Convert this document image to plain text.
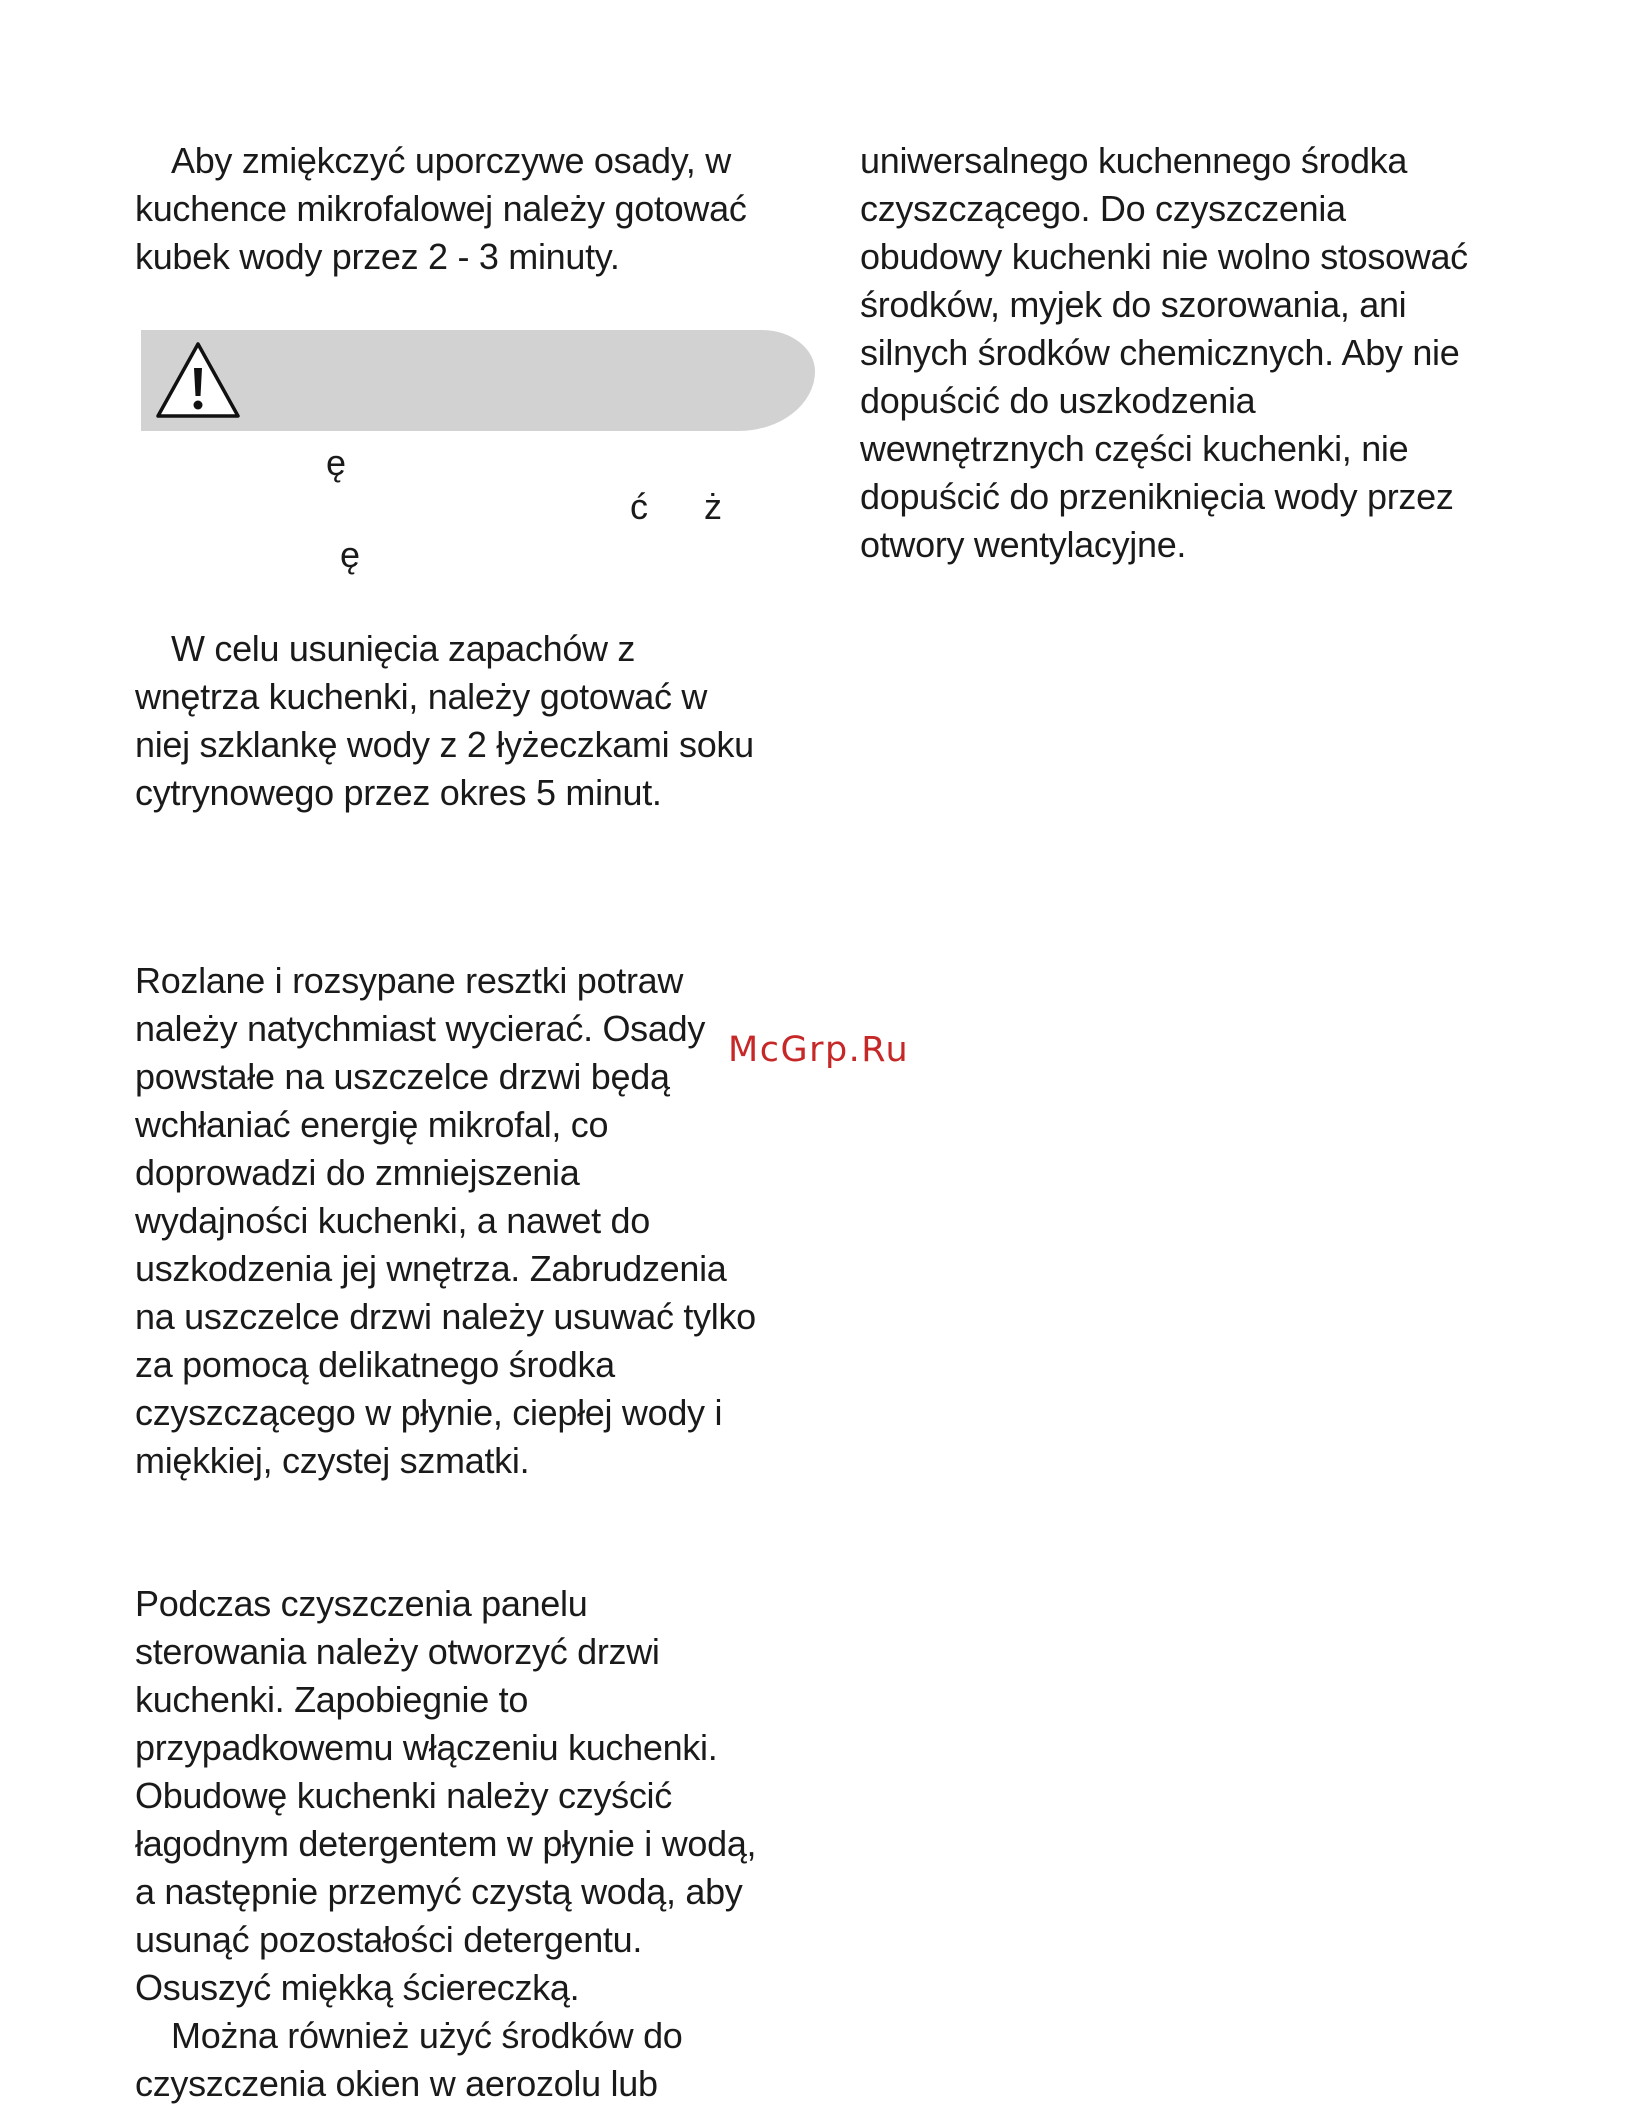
Aby zmiękczyć uporczywe osady, w
kuchence mikrofalowej należy gotować
kubek wody przez 2 - 3 minuty.

ę
ć ż
ę

W celu usunięcia zapachów z
wnętrza kuchenki, należy gotować w
niej szklankę wody z 2 łyżeczkami soku
cytrynowego przez okres 5 minut.

Rozlane i rozsypane resztki potraw
należy natychmiast wycierać. Osady
powstałe na uszczelce drzwi będą
wchłaniać energię mikrofal, co
doprowadzi do zmniejszenia
wydajności kuchenki, a nawet do
uszkodzenia jej wnętrza. Zabrudzenia
na uszczelce drzwi należy usuwać tylko
za pomocą delikatnego środka
czyszczącego w płynie, ciepłej wody i
miękkiej, czystej szmatki.

Podczas czyszczenia panelu
sterowania należy otworzyć drzwi
kuchenki. Zapobiegnie to
przypadkowemu włączeniu kuchenki.
Obudowę kuchenki należy czyścić
łagodnym detergentem w płynie i wodą,
a następnie przemyć czystą wodą, aby
usunąć pozostałości detergentu.
Osuszyć miękką ściereczką.

Można również użyć środków do
czyszczenia okien w aerozolu lub

uniwersalnego kuchennego środka
czyszczącego. Do czyszczenia
obudowy kuchenki nie wolno stosować
środków, myjek do szorowania, ani
silnych środków chemicznych. Aby nie
dopuścić do uszkodzenia
wewnętrznych części kuchenki, nie
dopuścić do przeniknięcia wody przez
otwory wentylacyjne.

McGrp.Ru
